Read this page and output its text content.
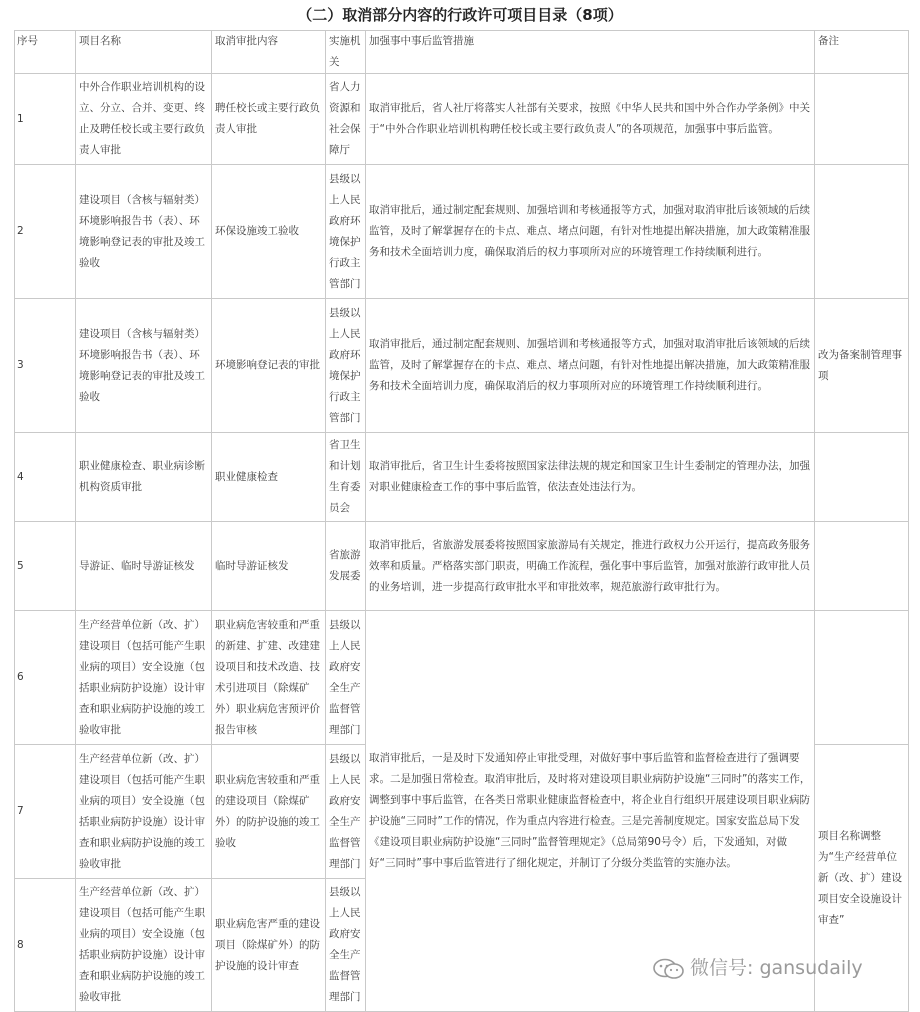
（二）取消部分内容的行政许可项目目录（8项）
序号	项目名称	取消审批内容	实施机关	加强事中事后监管措施	备注
1	中外合作职业培训机构的设立、分立、合并、变更、终止及聘任校长或主要行政负责人审批	聘任校长或主要行政负责人审批	省人力资源和社会保障厅	取消审批后，省人社厅将落实人社部有关要求，按照《中华人民共和国中外合作办学条例》中关于“中外合作职业培训机构聘任校长或主要行政负责人”的各项规范，加强事中事后监管。	
2	建设项目（含核与辐射类）环境影响报告书（表）、环境影响登记表的审批及竣工验收	环保设施竣工验收	县级以上人民政府环境保护行政主管部门	取消审批后，通过制定配套规则、加强培训和考核通报等方式，加强对取消审批后该领域的后续监管，及时了解掌握存在的卡点、难点、堵点问题，有针对性地提出解决措施，加大政策精准服务和技术全面培训力度，确保取消后的权力事项所对应的环境管理工作持续顺利进行。	
3	建设项目（含核与辐射类）环境影响报告书（表）、环境影响登记表的审批及竣工验收	环境影响登记表的审批	县级以上人民政府环境保护行政主管部门	取消审批后，通过制定配套规则、加强培训和考核通报等方式，加强对取消审批后该领域的后续监管，及时了解掌握存在的卡点、难点、堵点问题，有针对性地提出解决措施，加大政策精准服务和技术全面培训力度，确保取消后的权力事项所对应的环境管理工作持续顺利进行。	改为备案制管理事项
4	职业健康检查、职业病诊断机构资质审批	职业健康检查	省卫生和计划生育委员会	取消审批后，省卫生计生委将按照国家法律法规的规定和国家卫生计生委制定的管理办法，加强对职业健康检查工作的事中事后监管，依法查处违法行为。	
5	导游证、临时导游证核发	临时导游证核发	省旅游发展委	取消审批后，省旅游发展委将按照国家旅游局有关规定，推进行政权力公开运行，提高政务服务效率和质量。严格落实部门职责，明确工作流程，强化事中事后监管，加强对旅游行政审批人员的业务培训，进一步提高行政审批水平和审批效率，规范旅游行政审批行为。	
6	生产经营单位新（改、扩）建设项目（包括可能产生职业病的项目）安全设施（包括职业病防护设施）设计审查和职业病防护设施的竣工验收审批	职业病危害较重和严重的新建、扩建、改建建设项目和技术改造、技术引进项目（除煤矿外）职业病危害预评价报告审核	县级以上人民政府安全生产监督管理部门	取消审批后，一是及时下发通知停止审批受理，对做好事中事后监管和监督检查进行了强调要求。二是加强日常检查。取消审批后，及时将对建设项目职业病防护设施“三同时”的落实工作，调整到事中事后监管，在各类日常职业健康监督检查中，将企业自行组织开展建设项目职业病防护设施“三同时”工作的情况，作为重点内容进行检查。三是完善制度规定。国家安监总局下发《建设项目职业病防护设施“三同时”监督管理规定》（总局第90号令）后，下发通知，对做好“三同时”事中事后监管进行了细化规定，并制订了分级分类监管的实施办法。	
7	生产经营单位新（改、扩）建设项目（包括可能产生职业病的项目）安全设施（包括职业病防护设施）设计审查和职业病防护设施的竣工验收审批	职业病危害较重和严重的建设项目（除煤矿外）的防护设施的竣工验收	县级以上人民政府安全生产监督管理部门		项目名称调整为“生产经营单位新（改、扩）建设项目安全设施设计审查”
8	生产经营单位新（改、扩）建设项目（包括可能产生职业病的项目）安全设施（包括职业病防护设施）设计审查和职业病防护设施的竣工验收审批	职业病危害严重的建设项目（除煤矿外）的防护设施的设计审查	县级以上人民政府安全生产监督管理部门		
微信号: gansudaily
